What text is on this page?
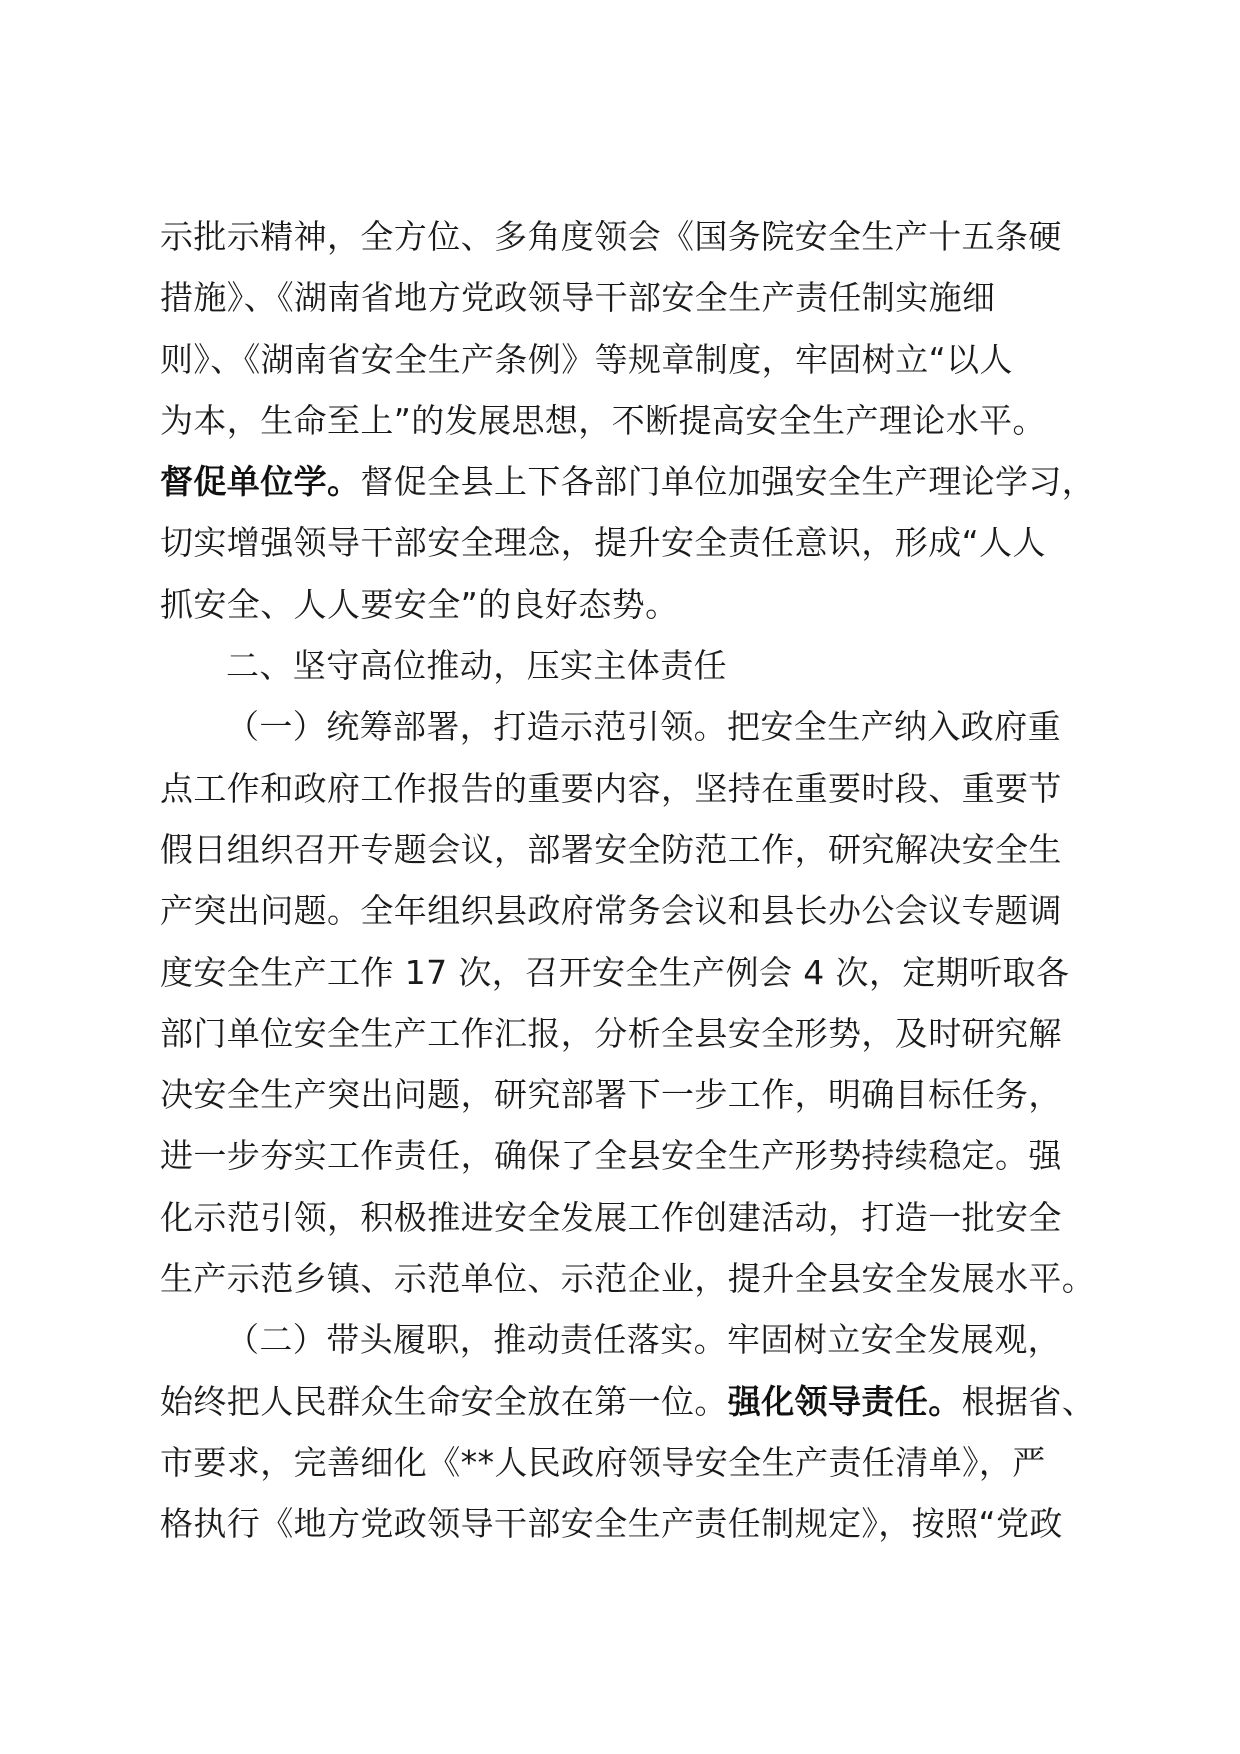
示批示精神，全方位、多角度领会《国务院安全生产十五条硬
措施》、《湖南省地方党政领导干部安全生产责任制实施细
则》、《湖南省安全生产条例》等规章制度，牢固树立“以人
为本，生命至上”的发展思想，不断提高安全生产理论水平。
督促单位学。督促全县上下各部门单位加强安全生产理论学习，
切实增强领导干部安全理念，提升安全责任意识，形成“人人
抓安全、人人要安全”的良好态势。
二、坚守高位推动，压实主体责任
（一）统筹部署，打造示范引领。把安全生产纳入政府重
点工作和政府工作报告的重要内容，坚持在重要时段、重要节
假日组织召开专题会议，部署安全防范工作，研究解决安全生
产突出问题。全年组织县政府常务会议和县长办公会议专题调
度安全生产工作 17 次，召开安全生产例会 4 次，定期听取各
部门单位安全生产工作汇报，分析全县安全形势，及时研究解
决安全生产突出问题，研究部署下一步工作，明确目标任务，
进一步夯实工作责任，确保了全县安全生产形势持续稳定。强
化示范引领，积极推进安全发展工作创建活动，打造一批安全
生产示范乡镇、示范单位、示范企业，提升全县安全发展水平。
（二）带头履职，推动责任落实。牢固树立安全发展观，
始终把人民群众生命安全放在第一位。强化领导责任。根据省、
市要求，完善细化《**人民政府领导安全生产责任清单》，严
格执行《地方党政领导干部安全生产责任制规定》，按照“党政
